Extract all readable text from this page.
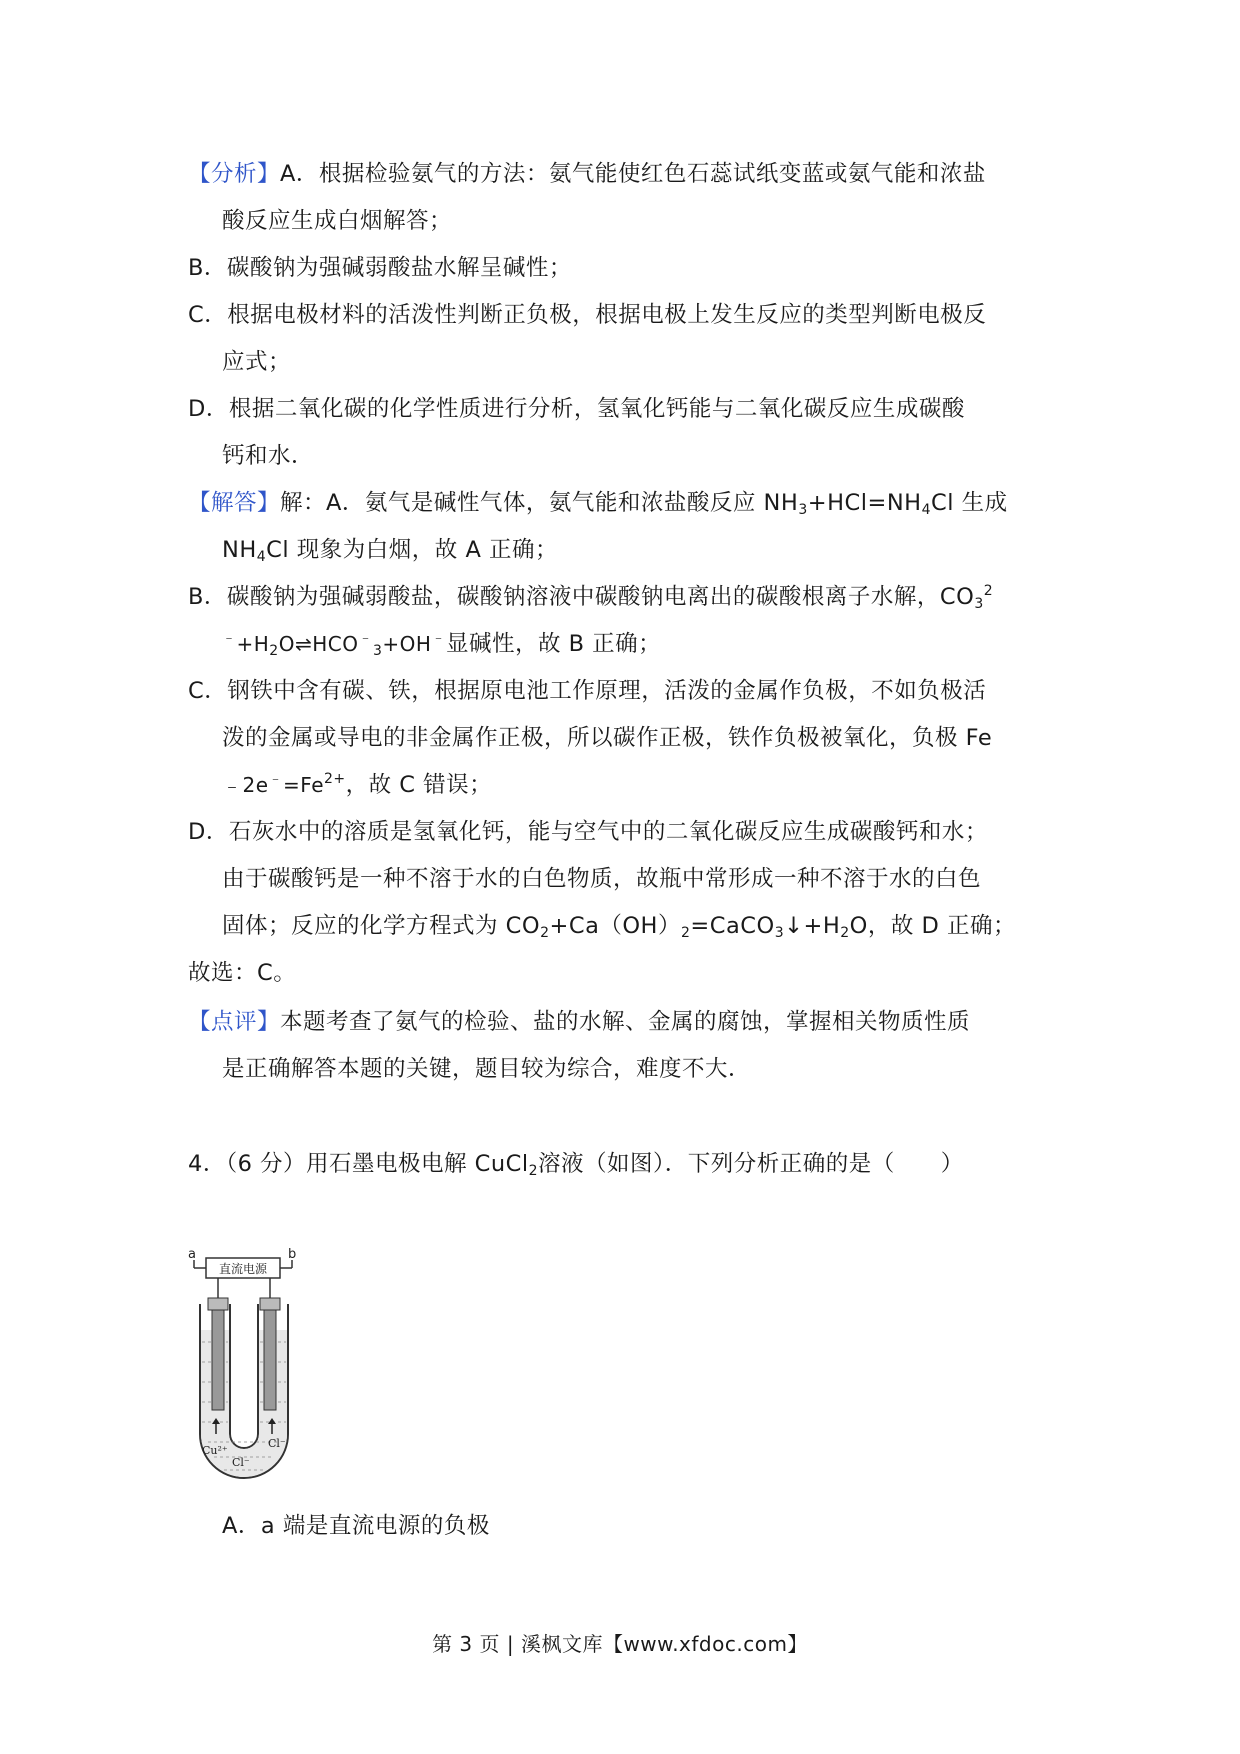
【分析】A．根据检验氨气的方法：氨气能使红色石蕊试纸变蓝或氨气能和浓盐
酸反应生成白烟解答；
B．碳酸钠为强碱弱酸盐水解呈碱性；
C．根据电极材料的活泼性判断正负极，根据电极上发生反应的类型判断电极反
应式；
D．根据二氧化碳的化学性质进行分析，氢氧化钙能与二氧化碳反应生成碳酸
钙和水．
【解答】解：A．氨气是碱性气体，氨气能和浓盐酸反应 $NH_3+HCl=NH_4Cl$ 生成
$NH_4Cl$ 现象为白烟，故 A 正确；
B．碳酸钠为强碱弱酸盐，碳酸钠溶液中碳酸钠电离出的碳酸根离子水解，$CO_3^2$
$^﹣+H_2O\rightleftharpoons HCO^﹣_3+OH^﹣$显碱性，故 B 正确；
C．钢铁中含有碳、铁，根据原电池工作原理，活泼的金属作负极，不如负极活
泼的金属或导电的非金属作正极，所以碳作正极，铁作负极被氧化，负极 Fe
$﹣2e^﹣=Fe^{2+}$，故 C 错误；
D．石灰水中的溶质是氢氧化钙，能与空气中的二氧化碳反应生成碳酸钙和水；
由于碳酸钙是一种不溶于水的白色物质，故瓶中常形成一种不溶于水的白色
固体；反应的化学方程式为 $CO_2+Ca(OH)_2=CaCO_3↓+H_2O$，故 D 正确；
故选：C。
【点评】本题考查了氨气的检验、盐的水解、金属的腐蚀，掌握相关物质性质
是正确解答本题的关键，题目较为综合，难度不大．
4．（6 分）用石墨电极电解 CuCl$_2$溶液（如图）．下列分析正确的是（　　）
直流电源
a	b
Cu²⁺
Cl⁻
Cl⁻
A．a 端是直流电源的负极
第 3 页 | 溪枫文库【www.xfdoc.com】
